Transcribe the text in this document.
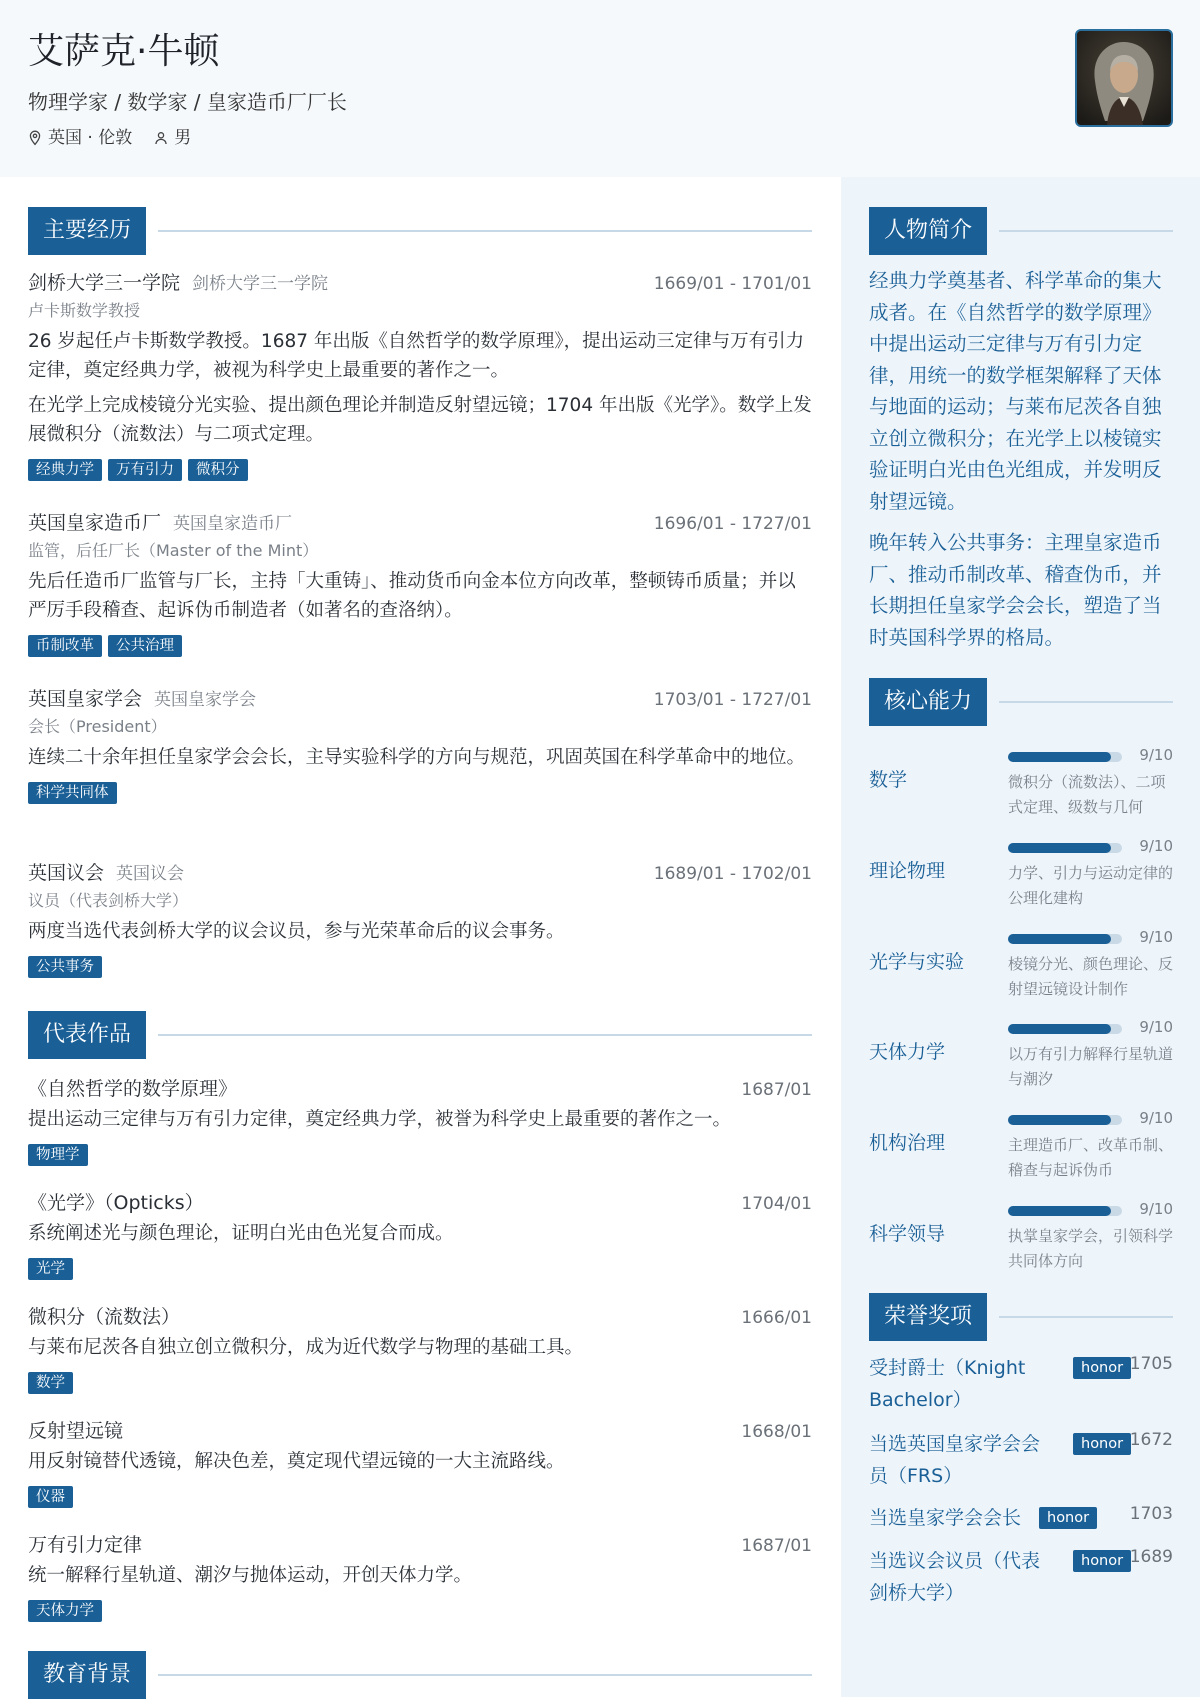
艾萨克·牛顿
物理学家 / 数学家 / 皇家造币厂厂长
英国 · 伦敦 男
主要经历
剑桥大学三一学院 剑桥大学三一学院	1669/01 - 1701/01
卢卡斯数学教授
26 岁起任卢卡斯数学教授。1687 年出版《自然哲学的数学原理》，提出运动三定律与万有引力定律，奠定经典力学，被视为科学史上最重要的著作之一。
在光学上完成棱镜分光实验、提出颜色理论并制造反射望远镜；1704 年出版《光学》。数学上发展微积分（流数法）与二项式定理。
经典力学	万有引力	微积分
英国皇家造币厂 英国皇家造币厂	1696/01 - 1727/01
监管，后任厂长（Master of the Mint）
先后任造币厂监管与厂长，主持「大重铸」、推动货币向金本位方向改革，整顿铸币质量；并以严厉手段稽查、起诉伪币制造者（如著名的查洛纳）。
币制改革	公共治理
英国皇家学会 英国皇家学会	1703/01 - 1727/01
会长（President）
连续二十余年担任皇家学会会长，主导实验科学的方向与规范，巩固英国在科学革命中的地位。
科学共同体
英国议会 英国议会	1689/01 - 1702/01
议员（代表剑桥大学）
两度当选代表剑桥大学的议会议员，参与光荣革命后的议会事务。
公共事务
代表作品
《自然哲学的数学原理》	1687/01
提出运动三定律与万有引力定律，奠定经典力学，被誉为科学史上最重要的著作之一。
物理学
《光学》（Opticks）	1704/01
系统阐述光与颜色理论，证明白光由色光复合而成。
光学
微积分（流数法）	1666/01
与莱布尼茨各自独立创立微积分，成为近代数学与物理的基础工具。
数学
反射望远镜	1668/01
用反射镜替代透镜，解决色差，奠定现代望远镜的一大主流路线。
仪器
万有引力定律	1687/01
统一解释行星轨道、潮汐与抛体运动，开创天体力学。
天体力学
教育背景
人物简介

经典力学奠基者、科学革命的集大成者。在《自然哲学的数学原理》中提出运动三定律与万有引力定律，用统一的数学框架解释了天体与地面的运动；与莱布尼茨各自独立创立微积分；在光学上以棱镜实验证明白光由色光组成，并发明反射望远镜。

晚年转入公共事务：主理皇家造币厂、推动币制改革、稽查伪币，并长期担任皇家学会会长，塑造了当时英国科学界的格局。

核心能力
数学
9/10
微积分（流数法）、二项式定理、级数与几何
理论物理
9/10
力学、引力与运动定律的公理化建构
光学与实验
9/10
棱镜分光、颜色理论、反射望远镜设计制作
天体力学
9/10
以万有引力解释行星轨道与潮汐
机构治理
9/10
主理造币厂、改革币制、稽查与起诉伪币
科学领导
9/10
执掌皇家学会，引领科学共同体方向
荣誉奖项
受封爵士（Knight Bachelor）
honor 1705
当选英国皇家学会会员（FRS）
honor 1672
当选皇家学会会长	honor	1703
当选议会议员（代表剑桥大学）
honor 1689
